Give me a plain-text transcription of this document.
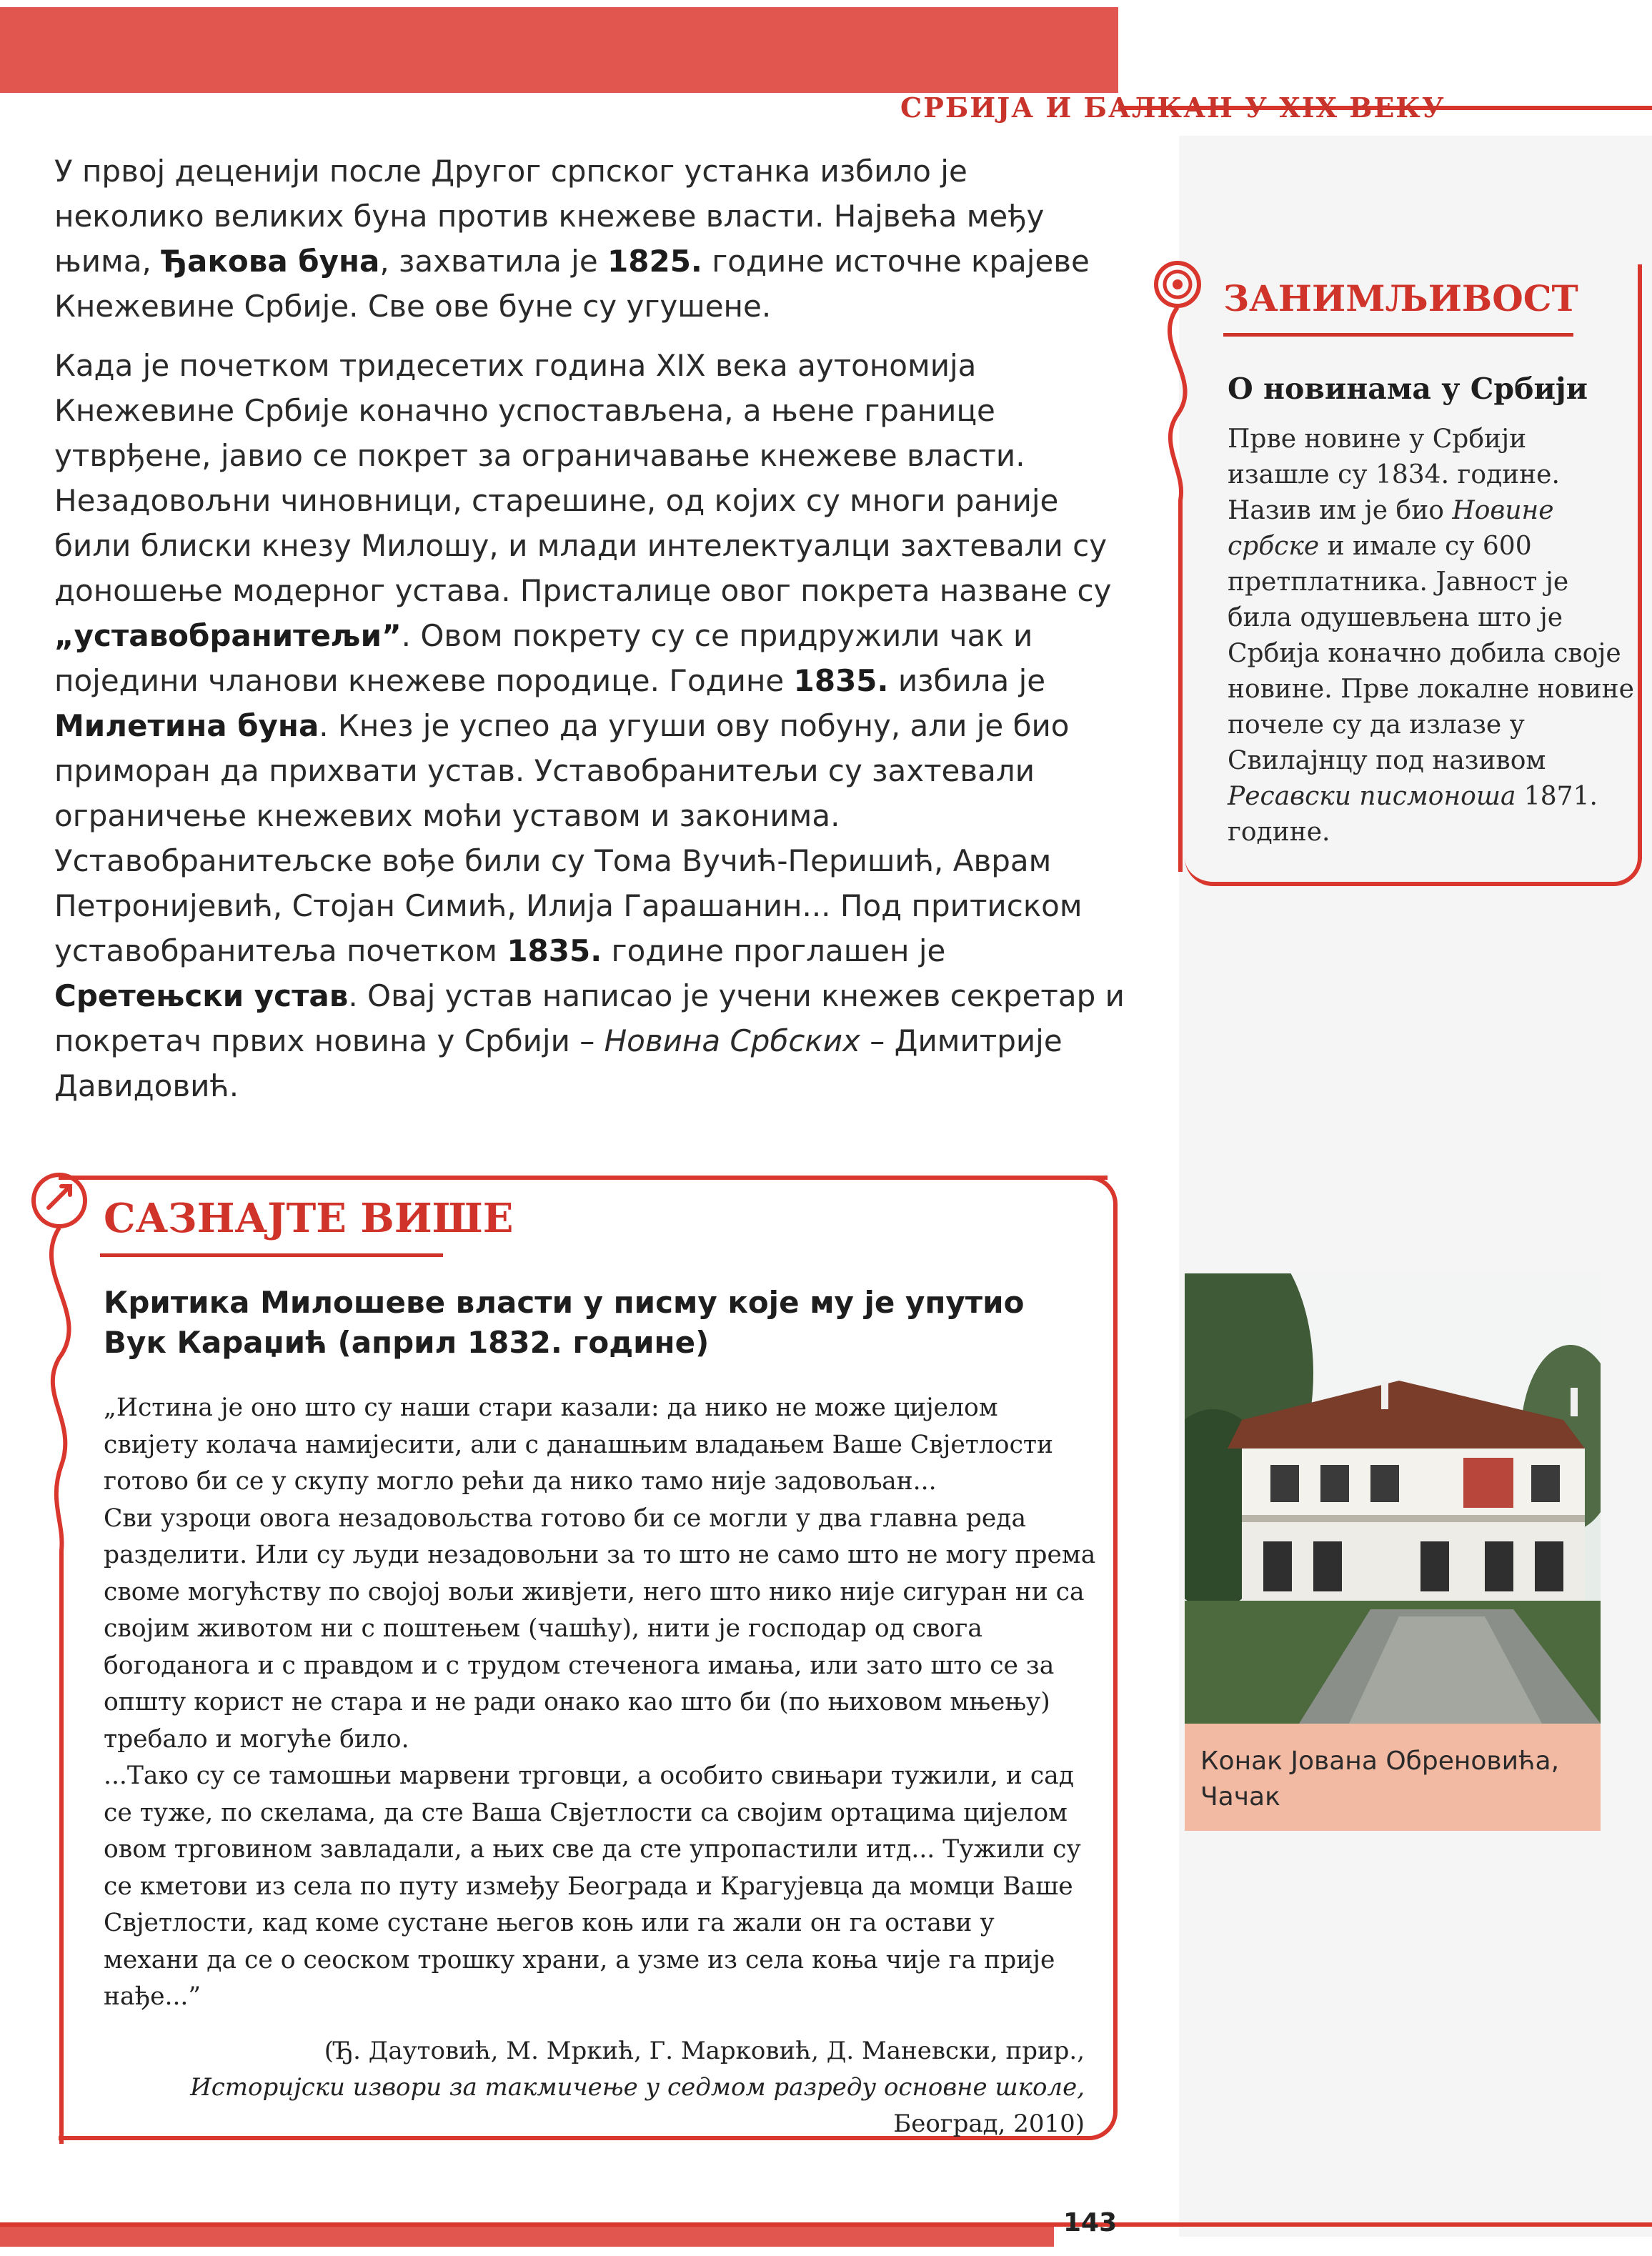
СРБИЈА И БАЛКАН У XIX ВЕКУ

У првој деценији после Другог српског устанка избило је неколико великих буна против кнежеве власти. Највећа међу њима, Ђакова буна, захватила је 1825. године источне крајеве Кнежевине Србије. Све ове буне су угушене.

Када је почетком тридесетих година XIX века аутономија Кнежевине Србије коначно успостављена, а њене границе утврђене, јавио се покрет за ограничавање кнежеве власти. Незадовољни чиновници, старешине, од којих су многи раније били блиски кнезу Милошу, и млади интелектуалци захтевали су доношење модерног устава. Присталице овог покрета назване су „уставобранитељи”. Овом покрету су се придружили чак и поједини чланови кнежеве породице. Године 1835. избила је Милетина буна. Кнез је успео да угуши ову побуну, али је био приморан да прихвати устав. Уставобранитељи су захтевали ограничење кнежевих моћи уставом и законима. Уставобранитељске вође били су Тома Вучић-Перишић, Аврам Петронијевић, Стојан Симић, Илија Гарашанин... Под притиском уставобранитеља почетком 1835. године проглашен је Сретењски устав. Овај устав написао је учени кнежев секретар и покретач првих новина у Србији – Новина Србских – Димитрије Давидовић.

ЗАНИМЉИВОСТ
О новинама у Србији
Прве новине у Србији изашле су 1834. године. Назив им је био Новине србске и имале су 600 претплатника. Јавност је била одушевљена што је Србија коначно добила своје новине. Прве локалне новине почеле су да излазе у Свилајнцу под називом Ресавски писмоноша 1871. године.
САЗНАЈТЕ ВИШЕ
Критика Милошеве власти у писму које му је упутио Вук Караџић (април 1832. године)

„Истина је оно што су наши стари казали: да нико не може цијелом свијету колача намијесити, али с данашњим владањем Ваше Свјетлости готово би се у скупу могло рећи да нико тамо није задовољан...

Сви узроци овога незадовољства готово би се могли у два главна реда разделити. Или су људи незадовољни за то што не само што не могу према своме могућству по својој вољи живјети, него што нико није сигуран ни са својим животом ни с поштењем (чашћу), нити је господар од свога богоданога и с правдом и с трудом стеченога имања, или зато што се за општу корист не стара и не ради онако као што би (по њиховом мњењу) требало и могуће било.

...Тако су се тамошњи марвени трговци, а особито свињари тужили, и сад се туже, по скелама, да сте Ваша Свјетлости са својим ортацима цијелом овом трговином завладали, а њих све да сте упропастили итд... Тужили су се кметови из села по путу између Београда и Крагујевца да момци Ваше Свјетлости, кад коме сустане његов коњ или га жали он га остави у механи да се о сеоском трошку храни, а узме из села коња чије га прије нађе...”

(Ђ. Даутовић, М. Мркић, Г. Марковић, Д. Маневски, прир.,
Историјски извори за такмичење у седмом разреду основне школе,
Београд, 2010)
Конак Јована Обреновића, Чачак
143
